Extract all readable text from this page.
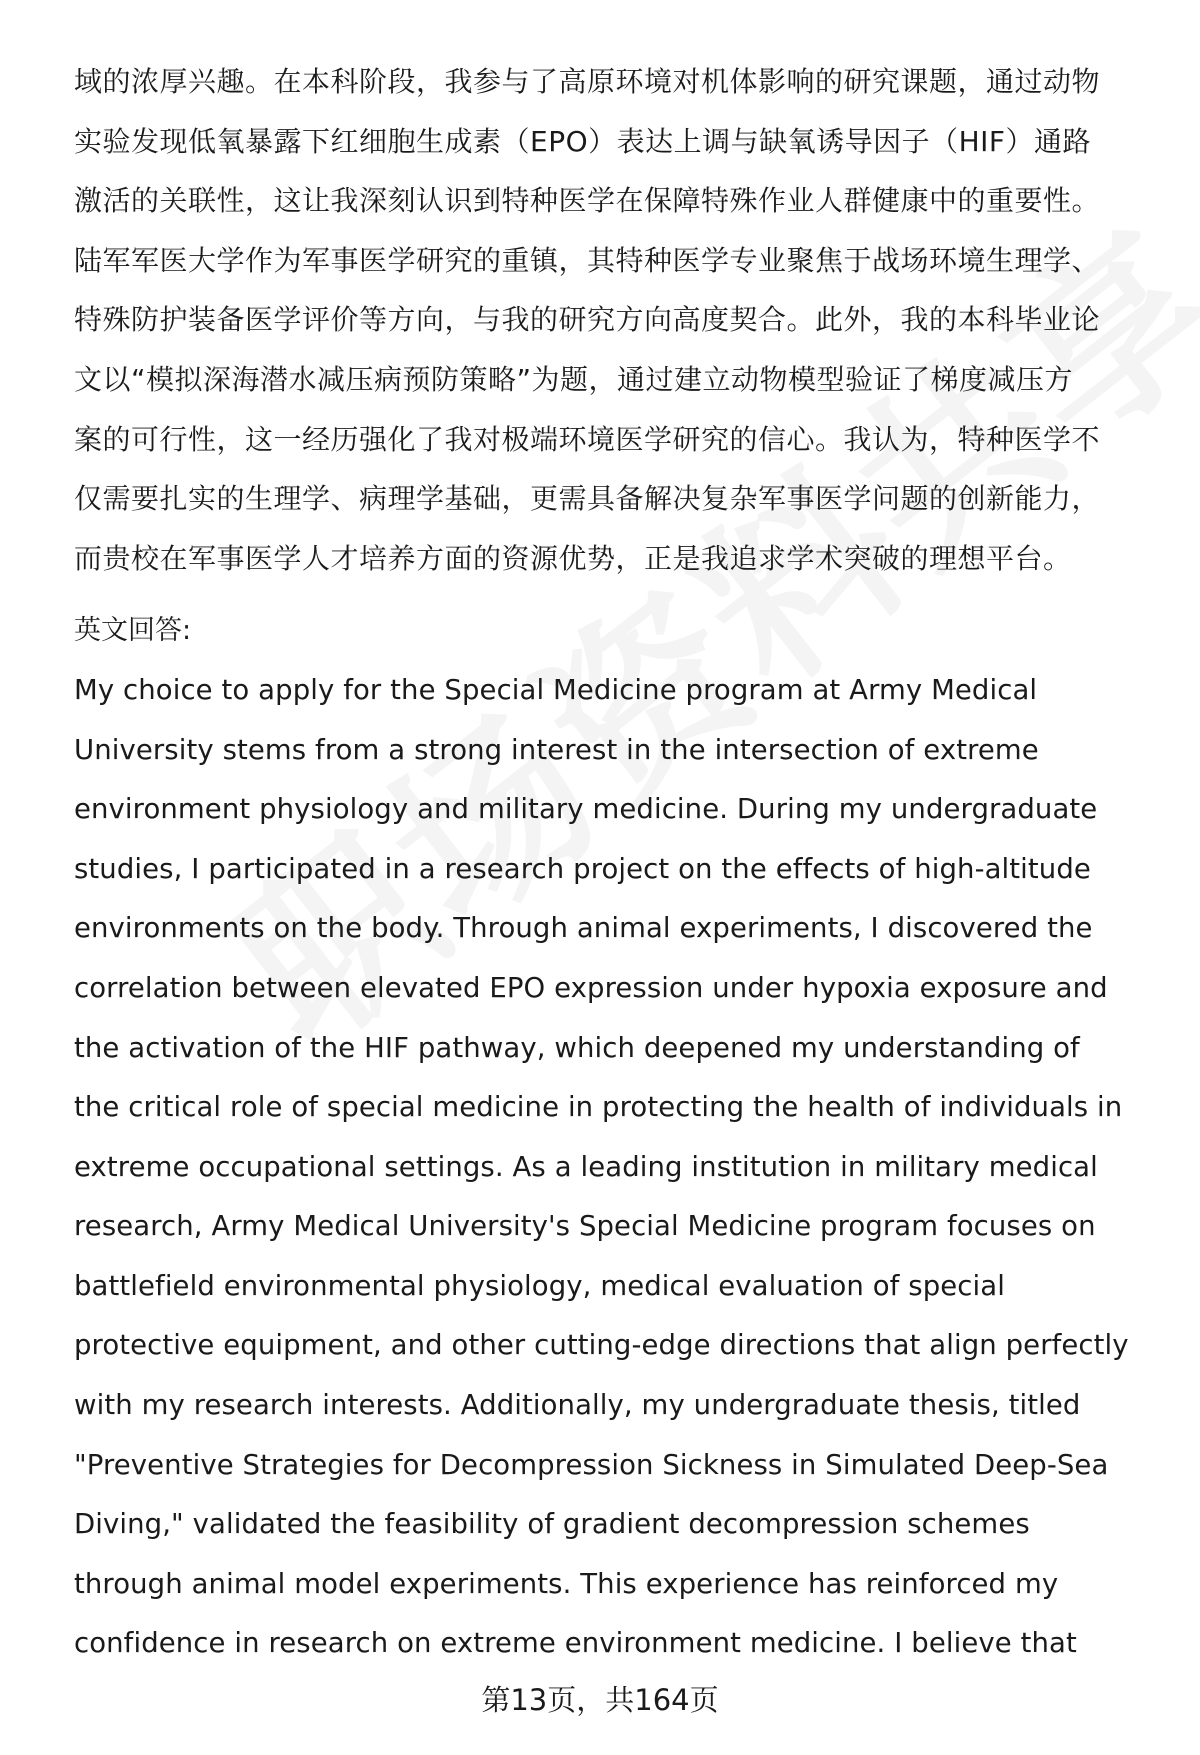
域的浓厚兴趣。在本科阶段，我参与了高原环境对机体影响的研究课题，通过动物
实验发现低氧暴露下红细胞生成素（EPO）表达上调与缺氧诱导因子（HIF）通路
激活的关联性，这让我深刻认识到特种医学在保障特殊作业人群健康中的重要性。
陆军军医大学作为军事医学研究的重镇，其特种医学专业聚焦于战场环境生理学、
特殊防护装备医学评价等方向，与我的研究方向高度契合。此外，我的本科毕业论
文以“模拟深海潜水减压病预防策略”为题，通过建立动物模型验证了梯度减压方
案的可行性，这一经历强化了我对极端环境医学研究的信心。我认为，特种医学不
仅需要扎实的生理学、病理学基础，更需具备解决复杂军事医学问题的创新能力，
而贵校在军事医学人才培养方面的资源优势，正是我追求学术突破的理想平台。
英文回答:
My choice to apply for the Special Medicine program at Army Medical
University stems from a strong interest in the intersection of extreme
environment physiology and military medicine. During my undergraduate
studies, I participated in a research project on the effects of high-altitude
environments on the body. Through animal experiments, I discovered the
correlation between elevated EPO expression under hypoxia exposure and
the activation of the HIF pathway, which deepened my understanding of
the critical role of special medicine in protecting the health of individuals in
extreme occupational settings. As a leading institution in military medical
research, Army Medical University's Special Medicine program focuses on
battlefield environmental physiology, medical evaluation of special
protective equipment, and other cutting-edge directions that align perfectly
with my research interests. Additionally, my undergraduate thesis, titled
"Preventive Strategies for Decompression Sickness in Simulated Deep-Sea
Diving," validated the feasibility of gradient decompression schemes
through animal model experiments. This experience has reinforced my
confidence in research on extreme environment medicine. I believe that
第13页，共164页
